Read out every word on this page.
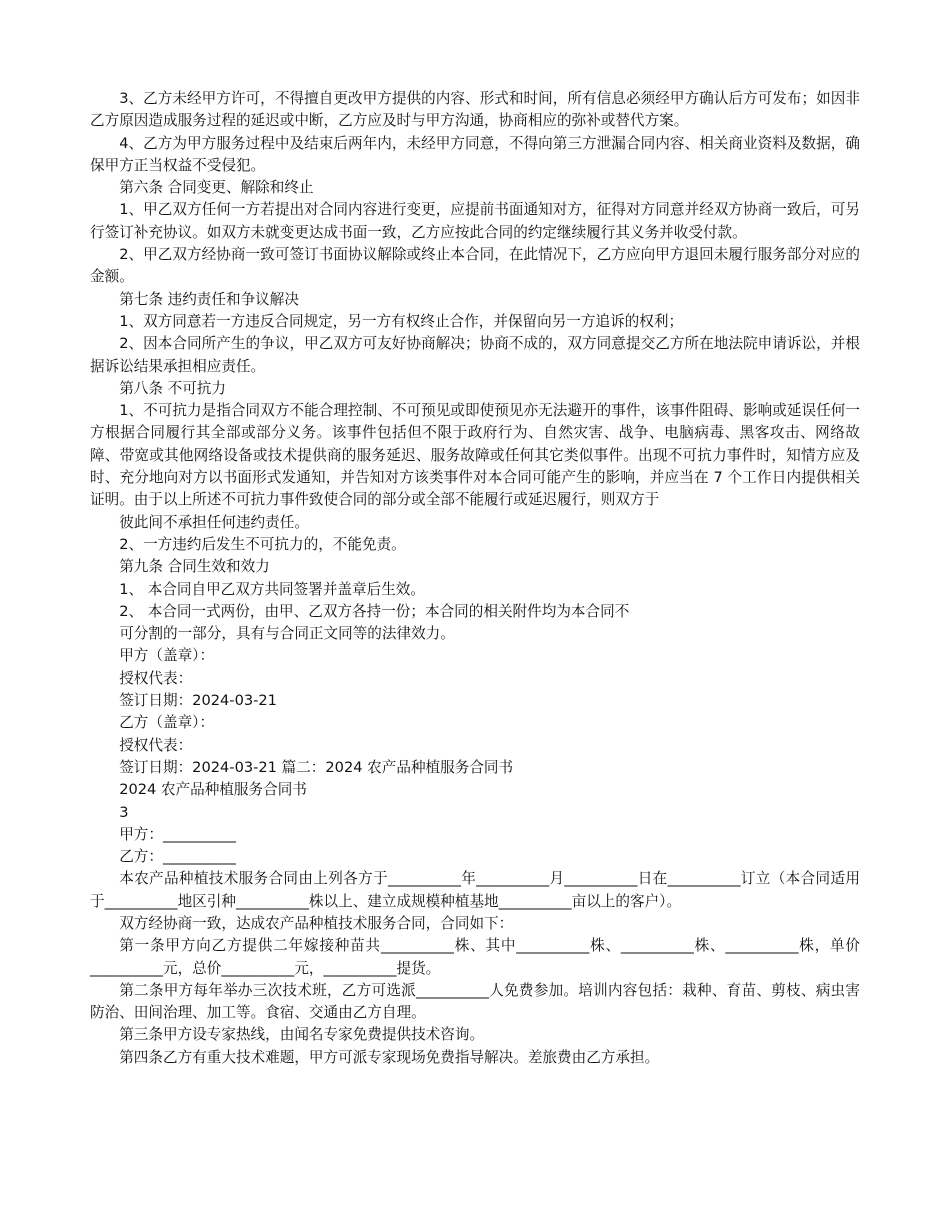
3、乙方未经甲方许可，不得擅自更改甲方提供的内容、形式和时间，所有信息必须经甲方确认后方可发布；如因非乙方原因造成服务过程的延迟或中断，乙方应及时与甲方沟通，协商相应的弥补或替代方案。

4、乙方为甲方服务过程中及结束后两年内，未经甲方同意，不得向第三方泄漏合同内容、相关商业资料及数据，确保甲方正当权益不受侵犯。

第六条 合同变更、解除和终止

1、甲乙双方任何一方若提出对合同内容进行变更，应提前书面通知对方，征得对方同意并经双方协商一致后，可另行签订补充协议。如双方未就变更达成书面一致，乙方应按此合同的约定继续履行其义务并收受付款。

2、甲乙双方经协商一致可签订书面协议解除或终止本合同，在此情况下，乙方应向甲方退回未履行服务部分对应的金额。

第七条 违约责任和争议解决

1、双方同意若一方违反合同规定，另一方有权终止合作，并保留向另一方追诉的权利；

2、因本合同所产生的争议，甲乙双方可友好协商解决；协商不成的，双方同意提交乙方所在地法院申请诉讼，并根据诉讼结果承担相应责任。

第八条 不可抗力

1、不可抗力是指合同双方不能合理控制、不可预见或即使预见亦无法避开的事件，该事件阻碍、影响或延误任何一方根据合同履行其全部或部分义务。该事件包括但不限于政府行为、自然灾害、战争、电脑病毒、黑客攻击、网络故障、带宽或其他网络设备或技术提供商的服务延迟、服务故障或任何其它类似事件。出现不可抗力事件时，知情方应及时、充分地向对方以书面形式发通知，并告知对方该类事件对本合同可能产生的影响，并应当在 7 个工作日内提供相关证明。由于以上所述不可抗力事件致使合同的部分或全部不能履行或延迟履行，则双方于

彼此间不承担任何违约责任。

2、一方违约后发生不可抗力的，不能免责。

第九条 合同生效和效力

1、 本合同自甲乙双方共同签署并盖章后生效。

2、 本合同一式两份，由甲、乙双方各持一份；本合同的相关附件均为本合同不

可分割的一部分，具有与合同正文同等的法律效力。

甲方（盖章）：

授权代表：

签订日期：2024-03-21

乙方（盖章）：

授权代表：

签订日期：2024-03-21 篇二：2024 农产品种植服务合同书

2024 农产品种植服务合同书

3

甲方：__________

乙方：__________

本农产品种植技术服务合同由上列各方于__________年__________月__________日在__________订立（本合同适用于__________地区引种__________株以上、建立成规模种植基地__________亩以上的客户）。

双方经协商一致，达成农产品种植技术服务合同，合同如下：

第一条甲方向乙方提供二年嫁接种苗共__________株、其中__________株、__________株、__________株，单价__________元，总价__________元，__________提货。

第二条甲方每年举办三次技术班，乙方可选派__________人免费参加。培训内容包括：栽种、育苗、剪枝、病虫害防治、田间治理、加工等。食宿、交通由乙方自理。

第三条甲方设专家热线，由闻名专家免费提供技术咨询。

第四条乙方有重大技术难题，甲方可派专家现场免费指导解决。差旅费由乙方承担。
